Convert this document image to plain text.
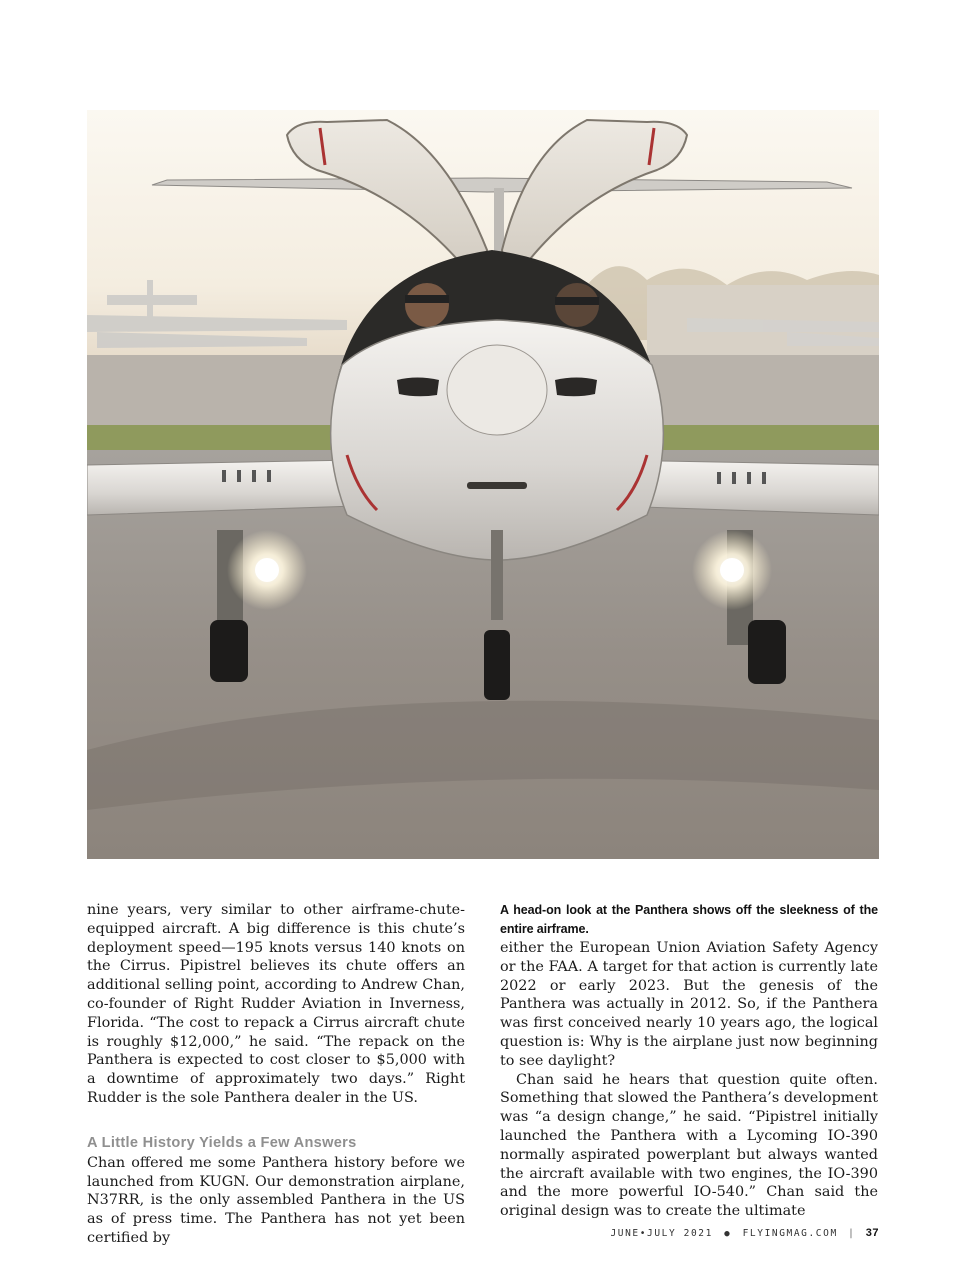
nine years, very similar to other airframe-chute-equipped aircraft. A big difference is this chute’s deployment speed—195 knots versus 140 knots on the Cirrus. Pipistrel believes its chute offers an additional selling point, according to Andrew Chan, co-founder of Right Rudder Aviation in Inverness, Florida. “The cost to repack a Cirrus aircraft chute is roughly $12,000,” he said. “The repack on the Panthera is expected to cost closer to $5,000 with a downtime of approximately two days.” Right Rudder is the sole Panthera dealer in the US.

A Little History Yields a Few Answers

Chan offered me some Panthera history before we launched from KUGN. Our demonstration airplane, N37RR, is the only assembled Panthera in the US as of press time. The Panthera has not yet been certified by

A head-on look at the Panthera shows off the sleekness of the entire airframe.

either the European Union Aviation Safety Agency or the FAA. A target for that action is currently late 2022 or early 2023. But the genesis of the Panthera was actually in 2012. So, if the Panthera was first conceived nearly 10 years ago, the logical question is: Why is the airplane just now beginning to see daylight?

Chan said he hears that question quite often. Something that slowed the Panthera’s development was “a design change,” he said. “Pipistrel initially launched the Panthera with a Lycoming IO-390 normally aspirated powerplant but always wanted the aircraft available with two engines, the IO-390 and the more powerful IO-540.” Chan said the original design was to create the ultimate

JUNE•JULY 2021 ● FLYINGMAG.COM | 37
